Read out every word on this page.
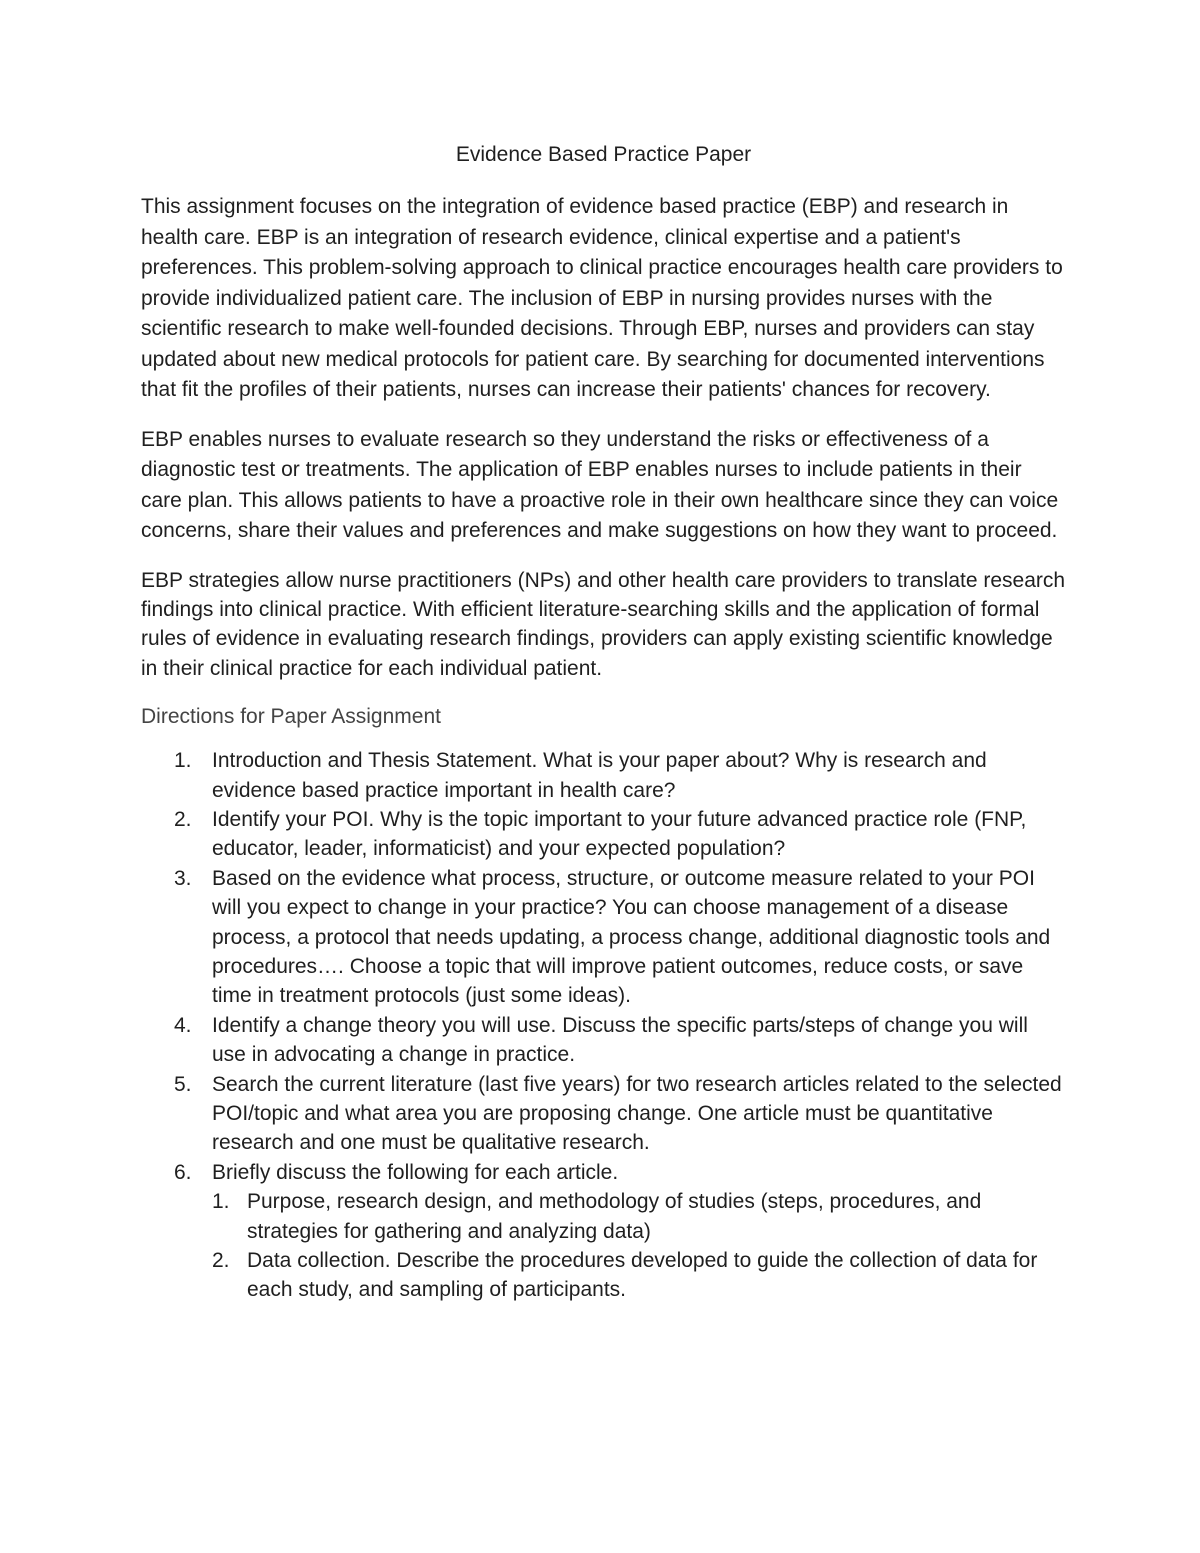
Evidence Based Practice Paper

This assignment focuses on the integration of evidence based practice (EBP) and research in health care. EBP is an integration of research evidence, clinical expertise and a patient's preferences. This problem-solving approach to clinical practice encourages health care providers to provide individualized patient care. The inclusion of EBP in nursing provides nurses with the scientific research to make well-founded decisions. Through EBP, nurses and providers can stay updated about new medical protocols for patient care. By searching for documented interventions that fit the profiles of their patients, nurses can increase their patients' chances for recovery.

EBP enables nurses to evaluate research so they understand the risks or effectiveness of a diagnostic test or treatments. The application of EBP enables nurses to include patients in their care plan. This allows patients to have a proactive role in their own healthcare since they can voice concerns, share their values and preferences and make suggestions on how they want to proceed.

EBP strategies allow nurse practitioners (NPs) and other health care providers to translate research findings into clinical practice. With efficient literature-searching skills and the application of formal rules of evidence in evaluating research findings, providers can apply existing scientific knowledge in their clinical practice for each individual patient.

Directions for Paper Assignment
1. Introduction and Thesis Statement. What is your paper about? Why is research and evidence based practice important in health care?
2. Identify your POI. Why is the topic important to your future advanced practice role (FNP, educator, leader, informaticist) and your expected population?
3. Based on the evidence what process, structure, or outcome measure related to your POI will you expect to change in your practice? You can choose management of a disease process, a protocol that needs updating, a process change, additional diagnostic tools and procedures…. Choose a topic that will improve patient outcomes, reduce costs, or save time in treatment protocols (just some ideas).
4. Identify a change theory you will use. Discuss the specific parts/steps of change you will use in advocating a change in practice.
5. Search the current literature (last five years) for two research articles related to the selected POI/topic and what area you are proposing change. One article must be quantitative research and one must be qualitative research.
6. Briefly discuss the following for each article.
1. Purpose, research design, and methodology of studies (steps, procedures, and strategies for gathering and analyzing data)
2. Data collection. Describe the procedures developed to guide the collection of data for each study, and sampling of participants.
